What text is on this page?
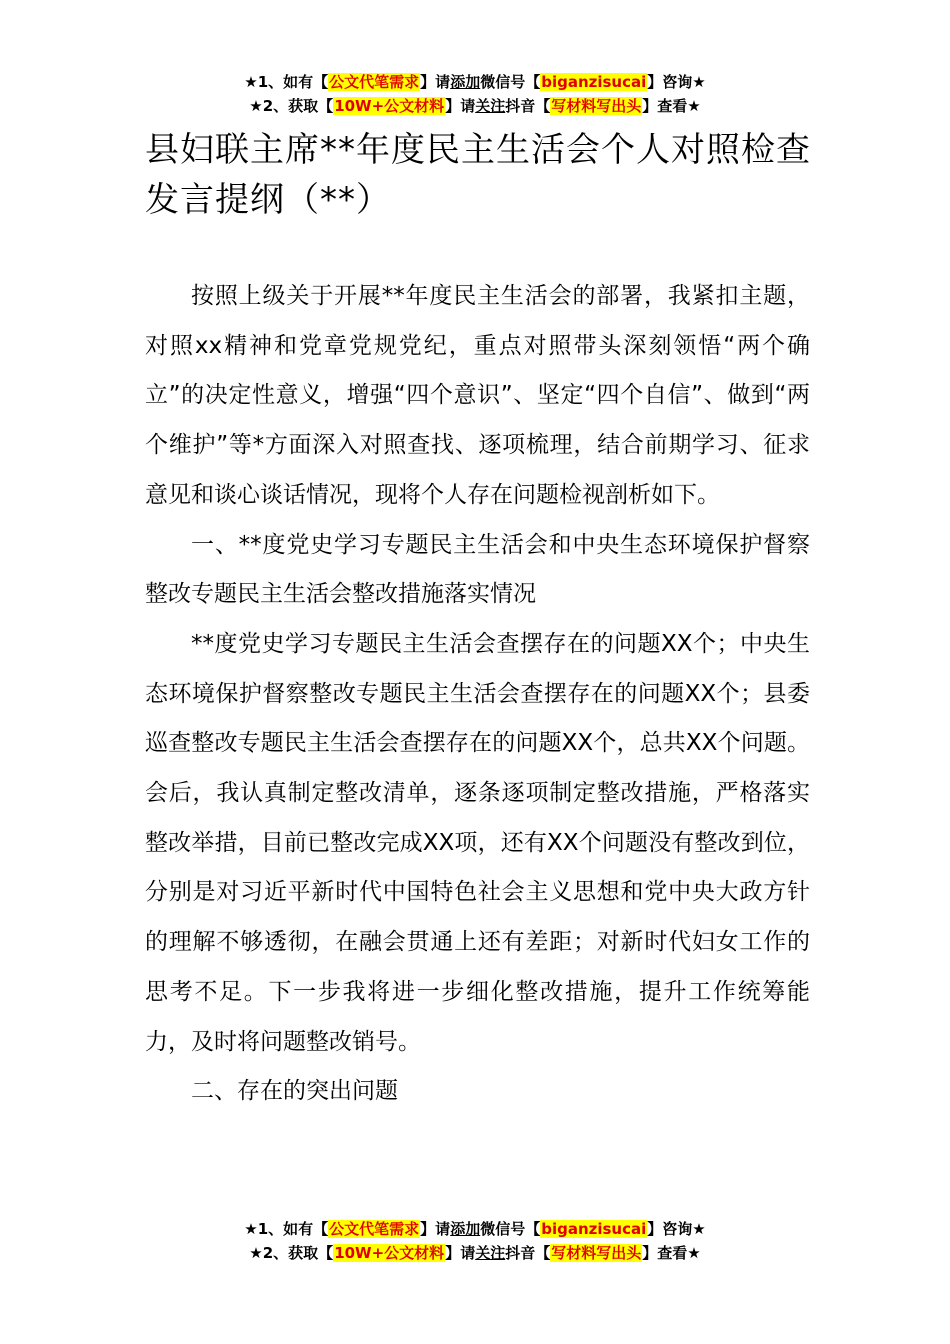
★1、如有【公文代笔需求】请添加微信号【biganzisucai】咨询★
★2、获取【10W+公文材料】请关注抖音【写材料写出头】查看★
县妇联主席**年度民主生活会个人对照检查发言提纲（**）

按照上级关于开展**年度民主生活会的部署，我紧扣主题，对照xx精神和党章党规党纪，重点对照带头深刻领悟“两个确立”的决定性意义，增强“四个意识”、坚定“四个自信”、做到“两个维护”等*方面深入对照查找、逐项梳理，结合前期学习、征求意见和谈心谈话情况，现将个人存在问题检视剖析如下。

一、**度党史学习专题民主生活会和中央生态环境保护督察整改专题民主生活会整改措施落实情况

**度党史学习专题民主生活会查摆存在的问题XX个；中央生态环境保护督察整改专题民主生活会查摆存在的问题XX个；县委巡查整改专题民主生活会查摆存在的问题XX个，总共XX个问题。会后，我认真制定整改清单，逐条逐项制定整改措施，严格落实整改举措，目前已整改完成XX项，还有XX个问题没有整改到位，分别是对习近平新时代中国特色社会主义思想和党中央大政方针的理解不够透彻，在融会贯通上还有差距；对新时代妇女工作的思考不足。下一步我将进一步细化整改措施，提升工作统筹能力，及时将问题整改销号。

二、存在的突出问题

★1、如有【公文代笔需求】请添加微信号【biganzisucai】咨询★
★2、获取【10W+公文材料】请关注抖音【写材料写出头】查看★
